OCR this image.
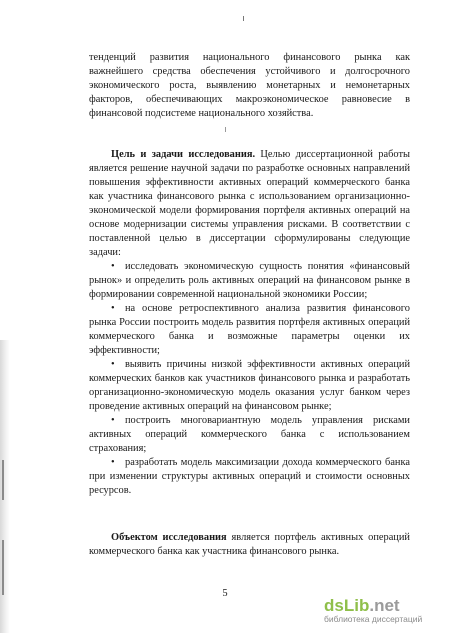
тенденций развития национального финансового рынка как важнейшего средства обеспечения устойчивого и долгосрочного экономического роста, выявлению монетарных и немонетарных факторов, обеспечивающих макроэкономическое равновесие в финансовой подсистеме национального хозяйства.

Цель и задачи исследования. Целью диссертационной работы является решение научной задачи по разработке основных направлений повышения эффективности активных операций коммерческого банка как участника финансового рынка с использованием организационно-экономической модели формирования портфеля активных операций на основе модернизации системы управления рисками. В соответствии с поставленной целью в диссертации сформулированы следующие задачи:

• исследовать экономическую сущность понятия «финансовый рынок» и определить роль активных операций на финансовом рынке в формировании современной национальной экономики России;

• на основе ретроспективного анализа развития финансового рынка России построить модель развития портфеля активных операций коммерческого банка и возможные параметры оценки их эффективности;

• выявить причины низкой эффективности активных операций коммерческих банков как участников финансового рынка и разработать организационно-экономическую модель оказания услуг банком через проведение активных операций на финансовом рынке;

• построить многовариантную модель управления рисками активных операций коммерческого банка с использованием страхования;

• разработать модель максимизации дохода коммерческого банка при изменении структуры активных операций и стоимости основных ресурсов.

Объектом исследования является портфель активных операций коммерческого банка как участника финансового рынка.

5
dsLib.net
библиотека диссертаций
